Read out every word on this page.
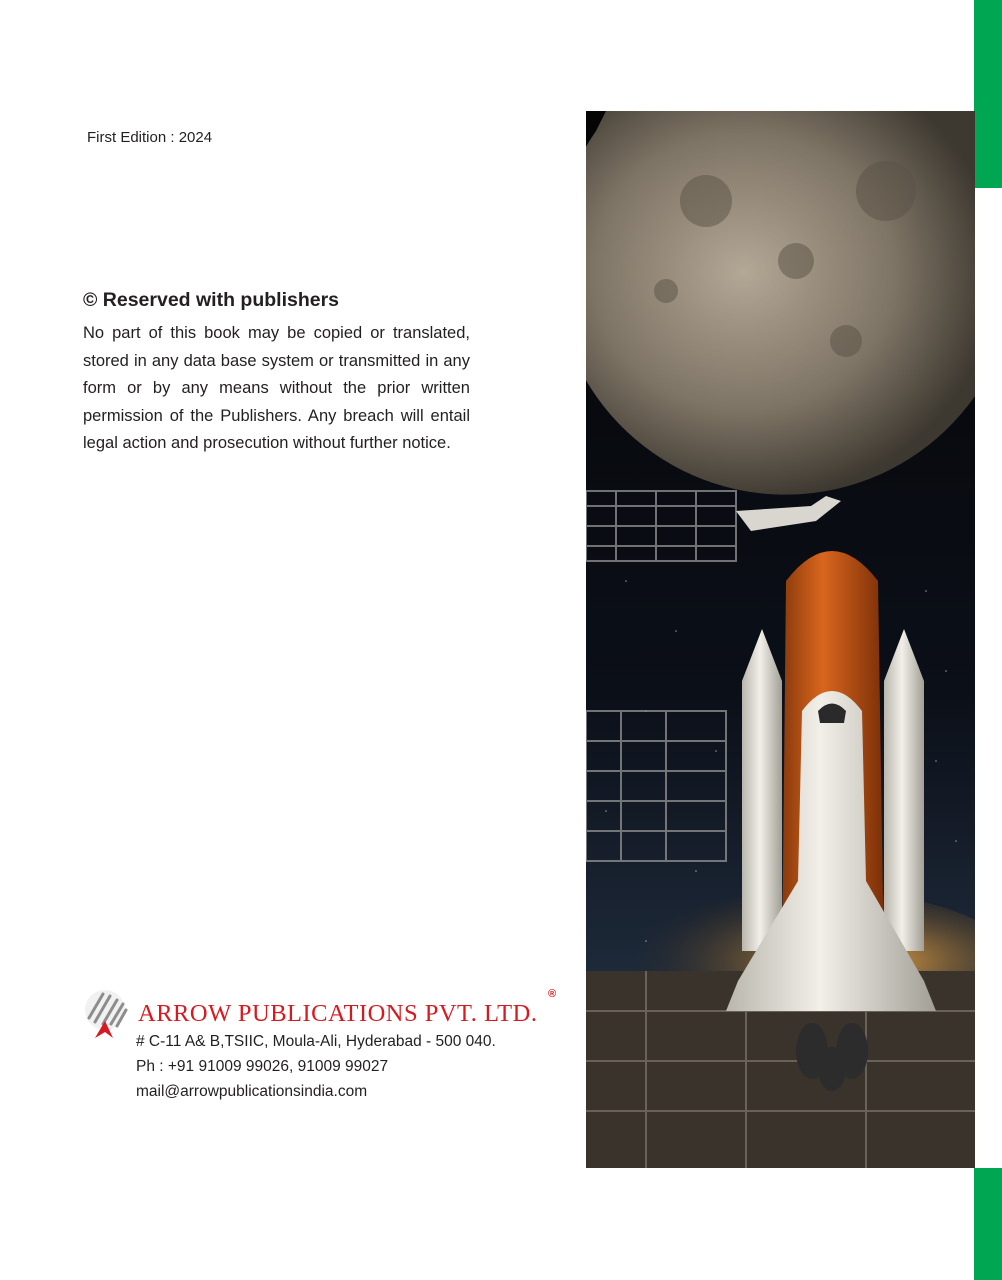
First Edition : 2024
© Reserved with publishers

No part of this book may be copied or translated, stored in any data base system or transmitted in any form or by any means without the prior written permission of the Publishers. Any breach will entail legal action and prosecution without further notice.

ARROW PUBLICATIONS PVT. LTD.
®
# C-11 A& B,TSIIC, Moula-Ali, Hyderabad - 500 040.
Ph : +91 91009 99026, 91009 99027
mail@arrowpublicationsindia.com
